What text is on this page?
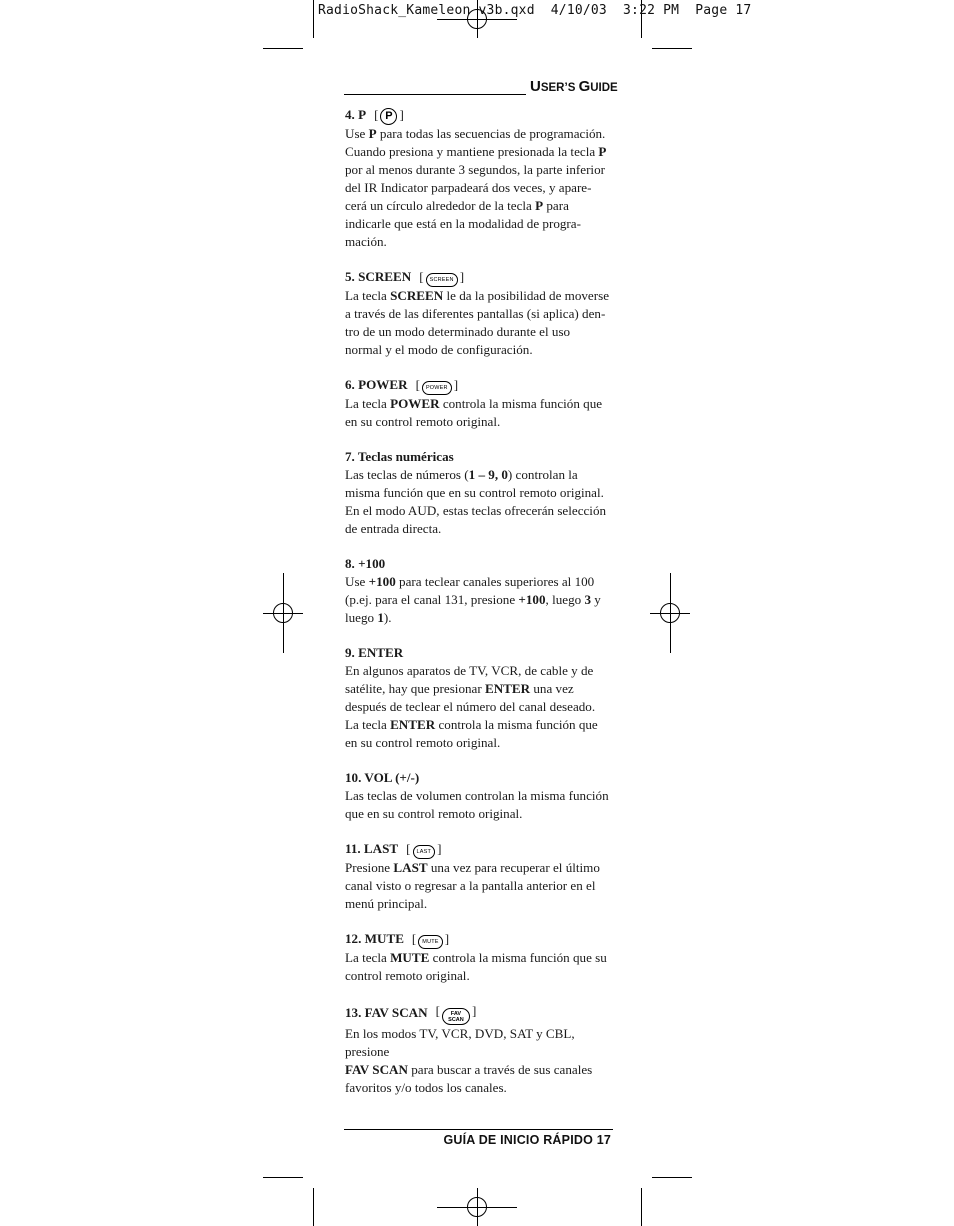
RadioShack_Kameleon v3b.qxd  4/10/03  3:22 PM  Page 17
USER’S GUIDE
4. P [ P ]

Use P para todas las secuencias de programación.
Cuando presiona y mantiene presionada la tecla P
por al menos durante 3 segundos, la parte inferior
del IR Indicator parpadeará dos veces, y apare-
cerá un círculo alrededor de la tecla P para
indicarle que está en la modalidad de progra-
mación.

5. SCREEN [ SCREEN ]

La tecla SCREEN le da la posibilidad de moverse
a través de las diferentes pantallas (si aplica) den-
tro de un modo determinado durante el uso
normal y el modo de configuración.

6. POWER [ POWER ]

La tecla POWER controla la misma función que
en su control remoto original.

7. Teclas numéricas

Las teclas de números (1 – 9, 0) controlan la
misma función que en su control remoto original.
En el modo AUD, estas teclas ofrecerán selección
de entrada directa.

8. +100

Use +100 para teclear canales superiores al 100
(p.ej. para el canal 131, presione +100, luego 3 y
luego 1).

9. ENTER

En algunos aparatos de TV, VCR, de cable y de
satélite, hay que presionar ENTER una vez
después de teclear el número del canal deseado.
La tecla ENTER controla la misma función que
en su control remoto original.

10. VOL (+/-)

Las teclas de volumen controlan la misma función
que en su control remoto original.

11. LAST [ LAST ]

Presione LAST una vez para recuperar el último
canal visto o regresar a la pantalla anterior en el
menú principal.

12. MUTE [ MUTE ]

La tecla MUTE controla la misma función que su
control remoto original.

13. FAV SCAN [ FAV
SCAN
]

En los modos TV, VCR, DVD, SAT y CBL, presione
FAV SCAN para buscar a través de sus canales
favoritos y/o todos los canales.

GUÍA DE INICIO RÁPIDO 17
